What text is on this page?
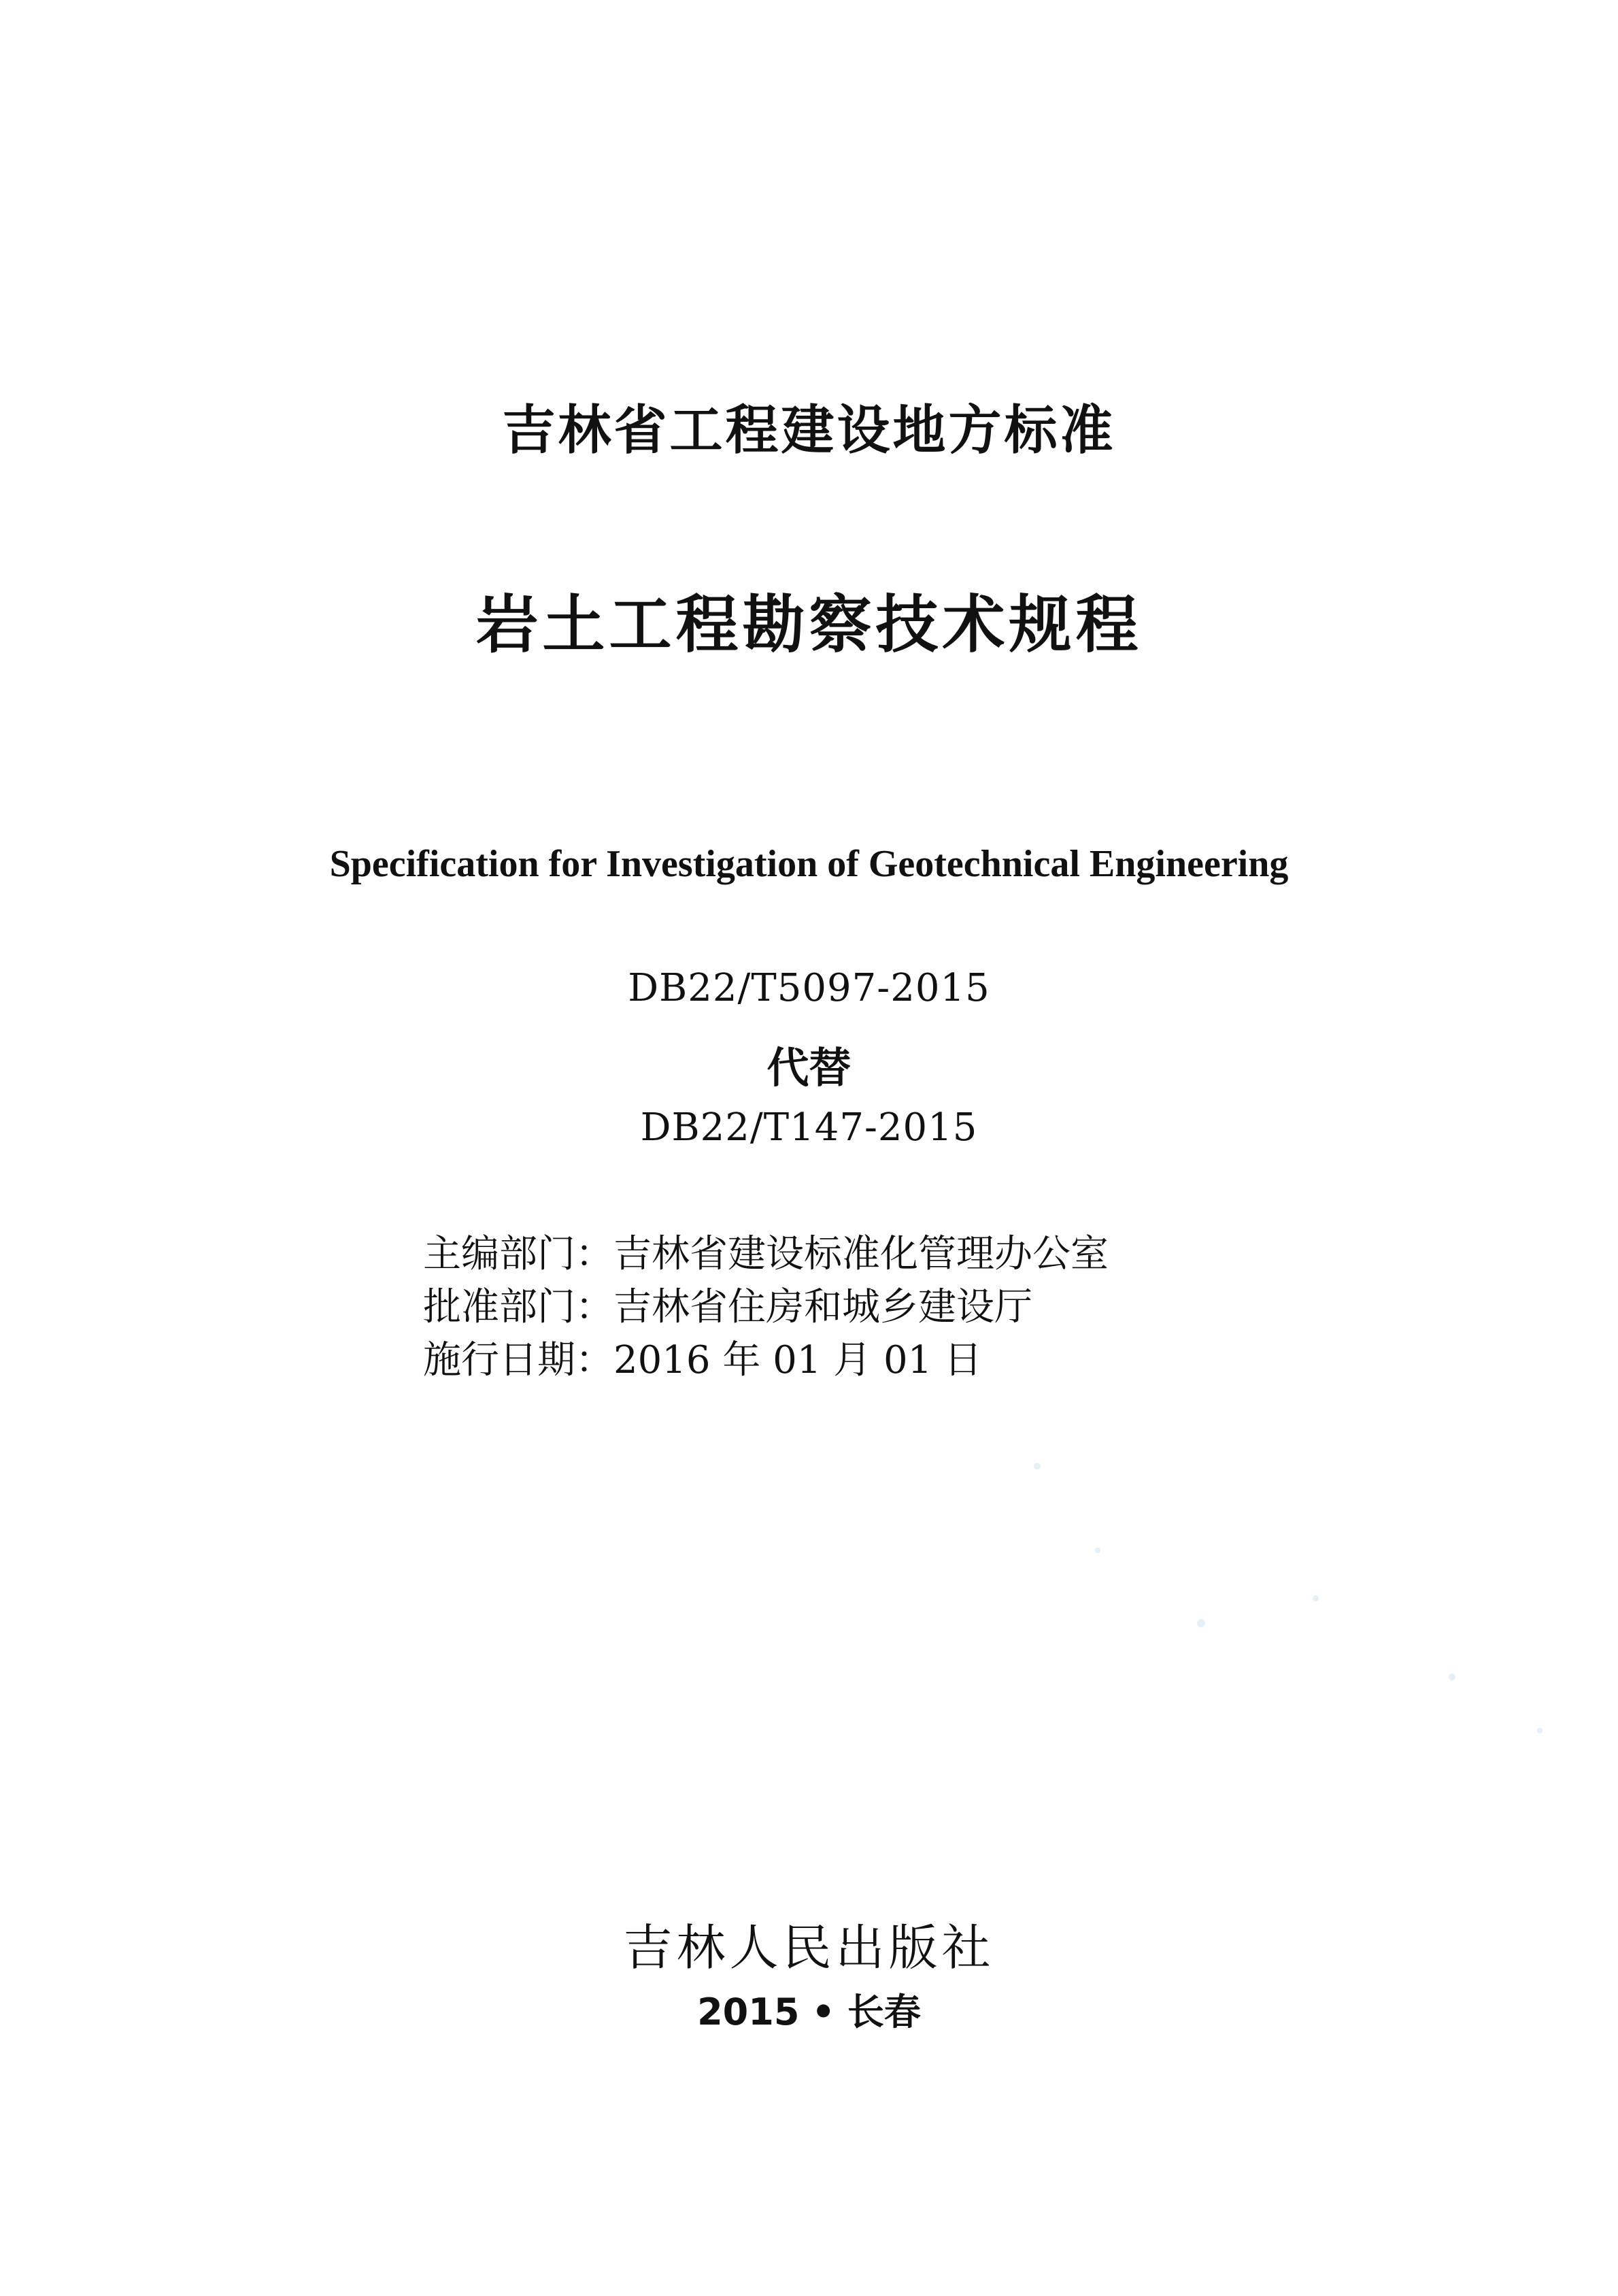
吉林省工程建设地方标准
岩土工程勘察技术规程
Specification for Investigation of Geotechnical Engineering
DB22/T5097-2015
代替
DB22/T147-2015
主编部门：吉林省建设标准化管理办公室
批准部门：吉林省住房和城乡建设厅
施行日期：2016 年 01 月 01 日
吉林人民出版社
2015 • 长春
